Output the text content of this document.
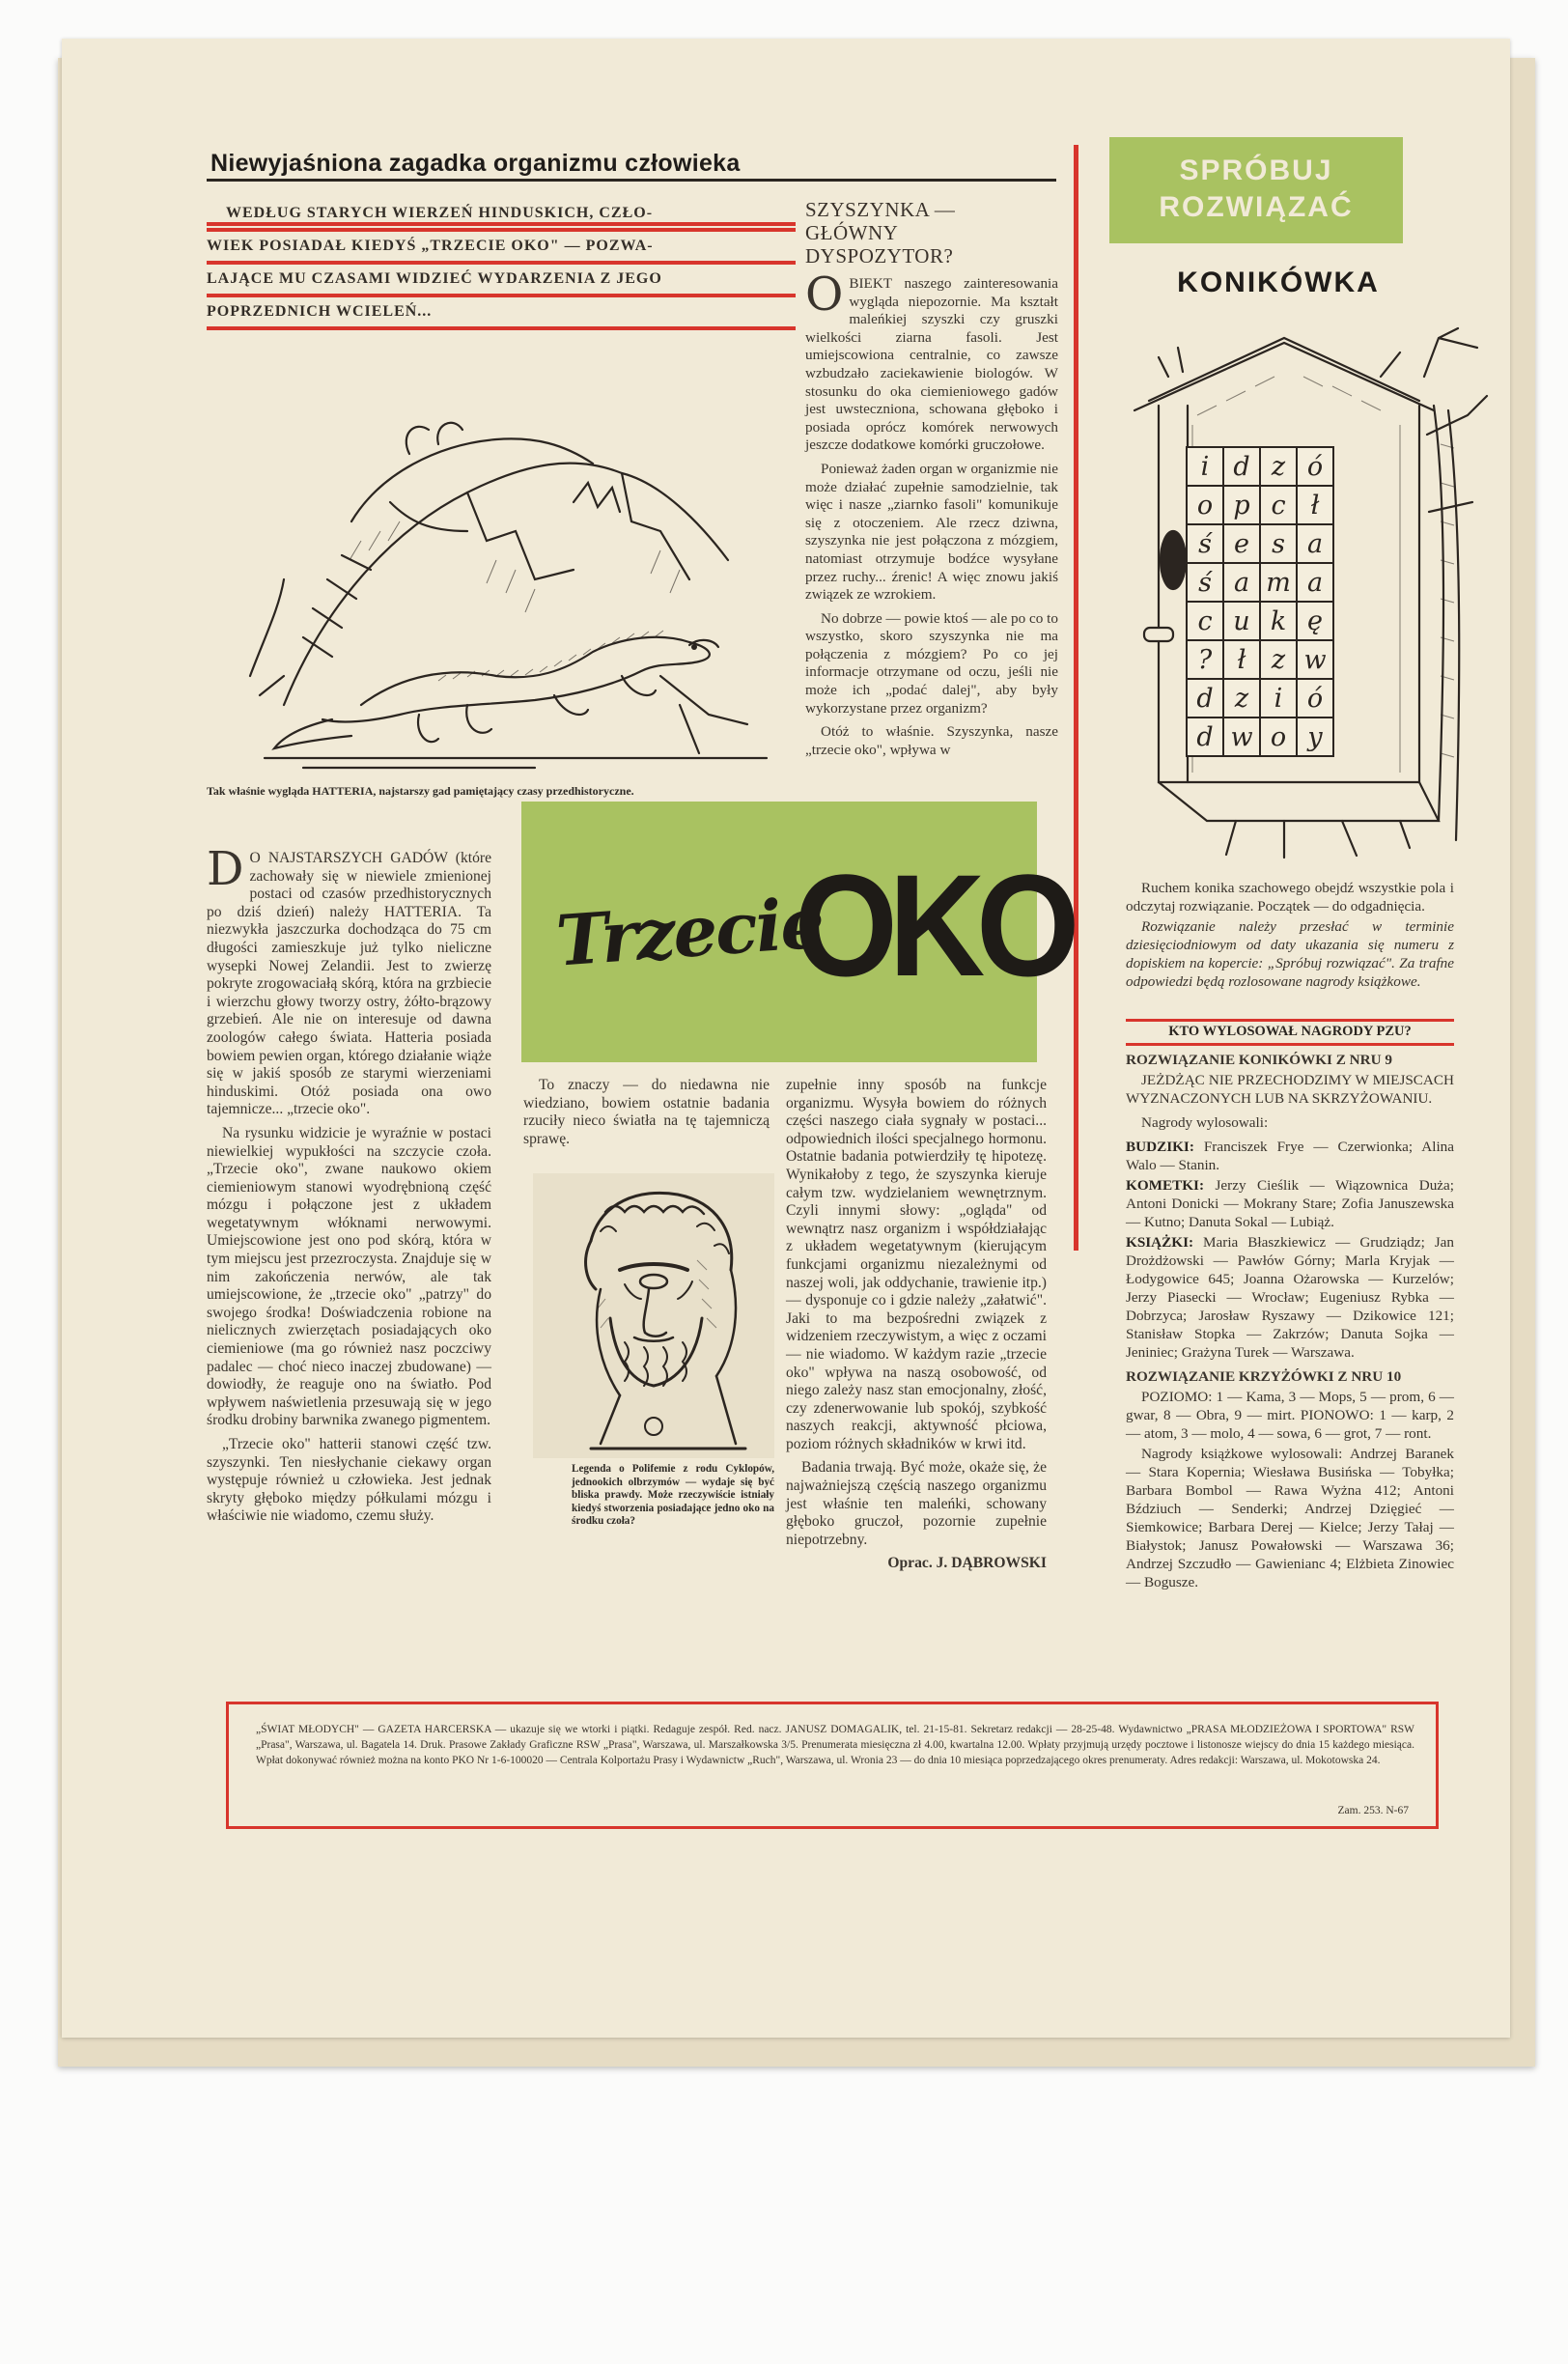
Niewyjaśniona zagadka organizmu człowieka
WEDŁUG STARYCH WIERZEŃ HINDUSKICH, CZŁO-
WIEK POSIADAŁ KIEDYŚ „TRZECIE OKO" — POZWA-
LAJĄCE MU CZASAMI WIDZIEĆ WYDARZENIA Z JEGO
POPRZEDNICH WCIELEŃ...
Tak właśnie wygląda HATTERIA, najstarszy gad pamiętający czasy przedhistoryczne.
SZYSZYNKA —
GŁÓWNY
DYSPOZYTOR?

OBIEKT naszego zainteresowania wygląda niepozornie. Ma kształt maleńkiej szyszki czy gruszki wielkości ziarna fasoli. Jest umiejscowiona centralnie, co zawsze wzbudzało zaciekawienie biologów. W stosunku do oka ciemieniowego gadów jest uwsteczniona, schowana głęboko i posiada oprócz komórek nerwowych jeszcze dodatkowe komórki gruczołowe.

Ponieważ żaden organ w organizmie nie może działać zupełnie samodzielnie, tak więc i nasze „ziarnko fasoli" komunikuje się z otoczeniem. Ale rzecz dziwna, szyszynka nie jest połączona z mózgiem, natomiast otrzymuje bodźce wysyłane przez ruchy... źrenic! A więc znowu jakiś związek ze wzrokiem.

No dobrze — powie ktoś — ale po co to wszystko, skoro szyszynka nie ma połączenia z mózgiem? Po co jej informacje otrzymane od oczu, jeśli nie może ich „podać dalej", aby były wykorzystane przez organizm?

Otóż to właśnie. Szyszynka, nasze „trzecie oko", wpływa w

D O NAJSTARSZYCH GADÓW (które zachowały się w niewiele zmienionej postaci od czasów przedhistorycznych po dziś dzień) należy HATTERIA. Ta niezwykła jaszczurka dochodząca do 75 cm długości zamieszkuje już tylko nieliczne wysepki Nowej Zelandii. Jest to zwierzę pokryte zrogowaciałą skórą, która na grzbiecie i wierzchu głowy tworzy ostry, żółto-brązowy grzebień. Ale nie on interesuje od dawna zoologów całego świata. Hatteria posiada bowiem pewien organ, którego działanie wiąże się w jakiś sposób ze starymi wierzeniami hinduskimi. Otóż posiada ona owo tajemnicze... „trzecie oko".

Na rysunku widzicie je wyraźnie w postaci niewielkiej wypukłości na szczycie czoła. „Trzecie oko", zwane naukowo okiem ciemieniowym stanowi wyodrębnioną część mózgu i połączone jest z układem wegetatywnym włóknami nerwowymi. Umiejscowione jest ono pod skórą, która w tym miejscu jest przezroczysta. Znajduje się w nim zakończenia nerwów, ale tak umiejscowione, że „trzecie oko" „patrzy" do swojego środka! Doświadczenia robione na nielicznych zwierzętach posiadających oko ciemieniowe (ma go również nasz poczciwy padalec — choć nieco inaczej zbudowane) — dowiodły, że reaguje ono na światło. Pod wpływem naświetlenia przesuwają się w jego środku drobiny barwnika zwanego pigmentem.

„Trzecie oko" hatterii stanowi część tzw. szyszynki. Ten niesłychanie ciekawy organ występuje również u człowieka. Jest jednak skryty głęboko między półkulami mózgu i właściwie nie wiadomo, czemu służy.

Trzecie
OKO

To znaczy — do niedawna nie wiedziano, bowiem ostatnie badania rzuciły nieco światła na tę tajemniczą sprawę.

Legenda o Polifemie z rodu Cyklopów, jednookich olbrzymów — wydaje się być bliska prawdy. Może rzeczywiście istniały kiedyś stworzenia posiadające jedno oko na środku czoła?

zupełnie inny sposób na funkcje organizmu. Wysyła bowiem do różnych części naszego ciała sygnały w postaci... odpowiednich ilości specjalnego hormonu. Ostatnie badania potwierdziły tę hipotezę. Wynikałoby z tego, że szyszynka kieruje całym tzw. wydzielaniem wewnętrznym. Czyli innymi słowy: „ogląda" od wewnątrz nasz organizm i współdziałając z układem wegetatywnym (kierującym funkcjami organizmu niezależnymi od naszej woli, jak oddychanie, trawienie itp.) — dysponuje co i gdzie należy „załatwić". Jaki to ma bezpośredni związek z widzeniem rzeczywistym, a więc z oczami — nie wiadomo. W każdym razie „trzecie oko" wpływa na naszą osobowość, od niego zależy nasz stan emocjonalny, złość, czy zdenerwowanie lub spokój, szybkość naszych reakcji, aktywność płciowa, poziom różnych składników w krwi itd.

Badania trwają. Być może, okaże się, że najważniejszą częścią naszego organizmu jest właśnie ten maleńki, schowany głęboko gruczoł, pozornie zupełnie niepotrzebny.

Oprac. J. DĄBROWSKI
SPRÓBUJ
ROZWIĄZAĆ
KONIKÓWKA
i	d	z	ó
o	p	c	ł
ś	e	s	a
ś	a	m	a
c	u	k	ę
?	ł	z	w
d	z	i	ó
d	w	o	y

Ruchem konika szachowego obejdź wszystkie pola i odczytaj rozwiązanie. Początek — do odgadnięcia.

Rozwiązanie należy przesłać w terminie dziesięciodniowym od daty ukazania się numeru z dopiskiem na kopercie: „Spróbuj rozwiązać". Za trafne odpowiedzi będą rozlosowane nagrody książkowe.

KTO WYLOSOWAŁ NAGRODY PZU?

ROZWIĄZANIE KONIKÓWKI Z NRU 9

JEŻDŻĄC NIE PRZECHODZIMY W MIEJSCACH WYZNACZONYCH LUB NA SKRZYŻOWANIU.

Nagrody wylosowali:

BUDZIKI: Franciszek Frye — Czerwionka; Alina Walo — Stanin.

KOMETKI: Jerzy Cieślik — Wiązownica Duża; Antoni Donicki — Mokrany Stare; Zofia Januszewska — Kutno; Danuta Sokal — Lubiąż.

KSIĄŻKI: Maria Błaszkiewicz — Grudziądz; Jan Drożdżowski — Pawłów Górny; Marla Kryjak — Łodygowice 645; Joanna Ożarowska — Kurzelów; Jerzy Piasecki — Wrocław; Eugeniusz Rybka — Dobrzyca; Jarosław Ryszawy — Dzikowice 121; Stanisław Stopka — Zakrzów; Danuta Sojka — Jeniniec; Grażyna Turek — Warszawa.

ROZWIĄZANIE KRZYŻÓWKI Z NRU 10

POZIOMO: 1 — Kama, 3 — Mops, 5 — prom, 6 — gwar, 8 — Obra, 9 — mirt. PIONOWO: 1 — karp, 2 — atom, 3 — molo, 4 — sowa, 6 — grot, 7 — ront.

Nagrody książkowe wylosowali: Andrzej Baranek — Stara Kopernia; Wiesława Busińska — Tobyłka; Barbara Bombol — Rawa Wyżna 412; Antoni Bździuch — Senderki; Andrzej Dzięgieć — Siemkowice; Barbara Derej — Kielce; Jerzy Tałaj — Białystok; Janusz Powałowski — Warszawa 36; Andrzej Szczudło — Gawienianc 4; Elżbieta Zinowiec — Bogusze.

„ŚWIAT MŁODYCH" — GAZETA HARCERSKA — ukazuje się we wtorki i piątki. Redaguje zespół. Red. nacz. JANUSZ DOMAGALIK, tel. 21-15-81. Sekretarz redakcji — 28-25-48. Wydawnictwo „PRASA MŁODZIEŻOWA I SPORTOWA" RSW „Prasa", Warszawa, ul. Bagatela 14. Druk. Prasowe Zakłady Graficzne RSW „Prasa", Warszawa, ul. Marszałkowska 3/5. Prenumerata miesięczna zł 4.00, kwartalna 12.00. Wpłaty przyjmują urzędy pocztowe i listonosze wiejscy do dnia 15 każdego miesiąca. Wpłat dokonywać również można na konto PKO Nr 1-6-100020 — Centrala Kolportażu Prasy i Wydawnictw „Ruch", Warszawa, ul. Wronia 23 — do dnia 10 miesiąca poprzedzającego okres prenumeraty. Adres redakcji: Warszawa, ul. Mokotowska 24.
Zam. 253. N-67
